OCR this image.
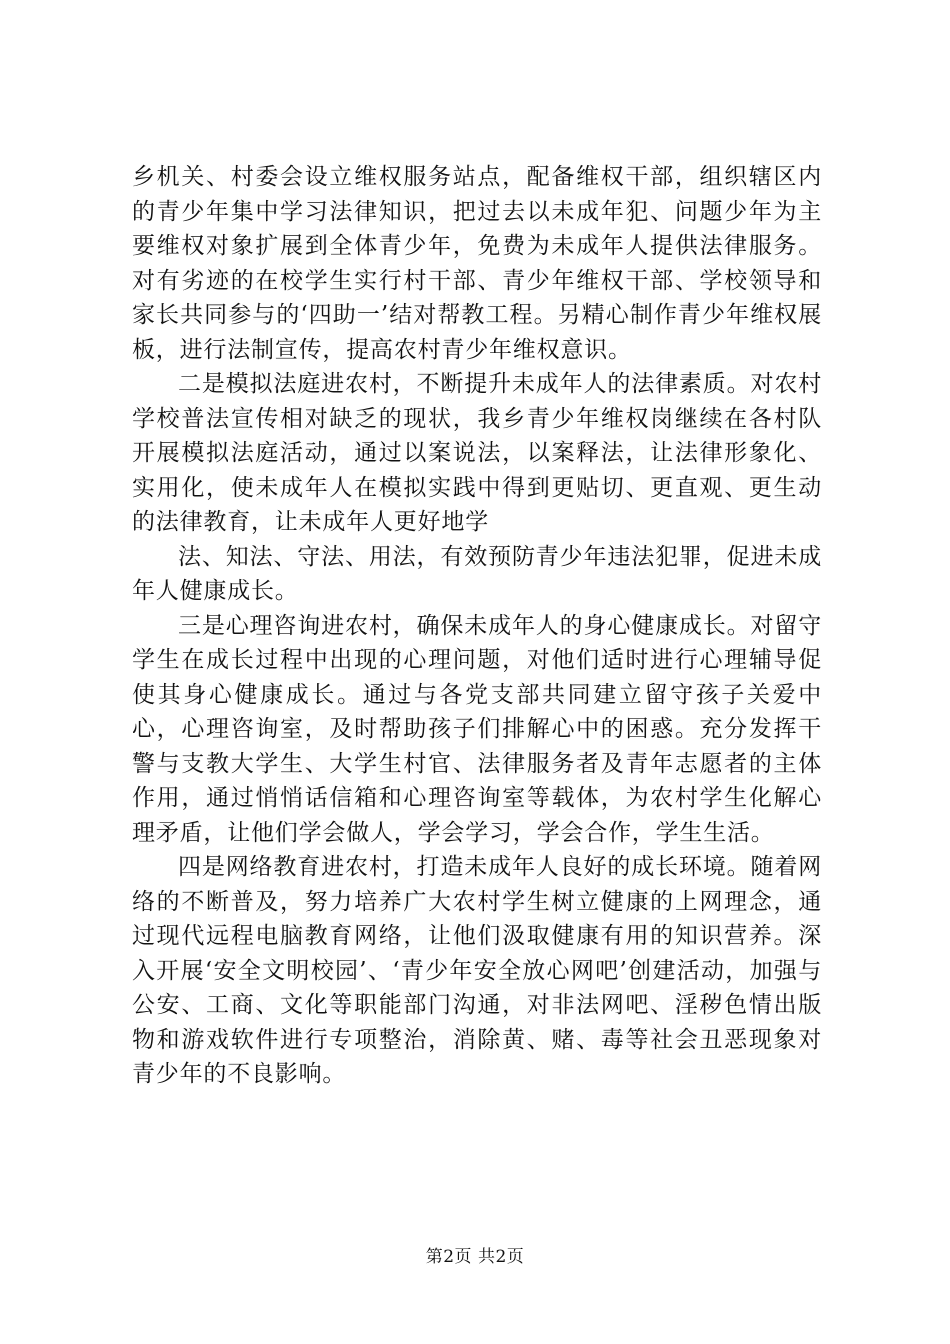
乡机关、村委会设立维权服务站点，配备维权干部，组织辖区内的青少年集中学习法律知识，把过去以未成年犯、问题少年为主要维权对象扩展到全体青少年，免费为未成年人提供法律服务。对有劣迹的在校学生实行村干部、青少年维权干部、学校领导和家长共同参与的‘四助一’结对帮教工程。另精心制作青少年维权展板，进行法制宣传，提高农村青少年维权意识。

二是模拟法庭进农村，不断提升未成年人的法律素质。对农村学校普法宣传相对缺乏的现状，我乡青少年维权岗继续在各村队开展模拟法庭活动，通过以案说法，以案释法，让法律形象化、实用化，使未成年人在模拟实践中得到更贴切、更直观、更生动的法律教育，让未成年人更好地学

法、知法、守法、用法，有效预防青少年违法犯罪，促进未成年人健康成长。

三是心理咨询进农村，确保未成年人的身心健康成长。对留守学生在成长过程中出现的心理问题，对他们适时进行心理辅导促使其身心健康成长。通过与各党支部共同建立留守孩子关爱中心，心理咨询室，及时帮助孩子们排解心中的困惑。充分发挥干警与支教大学生、大学生村官、法律服务者及青年志愿者的主体作用，通过悄悄话信箱和心理咨询室等载体，为农村学生化解心理矛盾，让他们学会做人，学会学习，学会合作，学生生活。

四是网络教育进农村，打造未成年人良好的成长环境。随着网络的不断普及，努力培养广大农村学生树立健康的上网理念，通过现代远程电脑教育网络，让他们汲取健康有用的知识营养。深入开展‘安全文明校园’、‘青少年安全放心网吧’创建活动，加强与公安、工商、文化等职能部门沟通，对非法网吧、淫秽色情出版物和游戏软件进行专项整治，消除黄、赌、毒等社会丑恶现象对青少年的不良影响。

第2页 共2页
